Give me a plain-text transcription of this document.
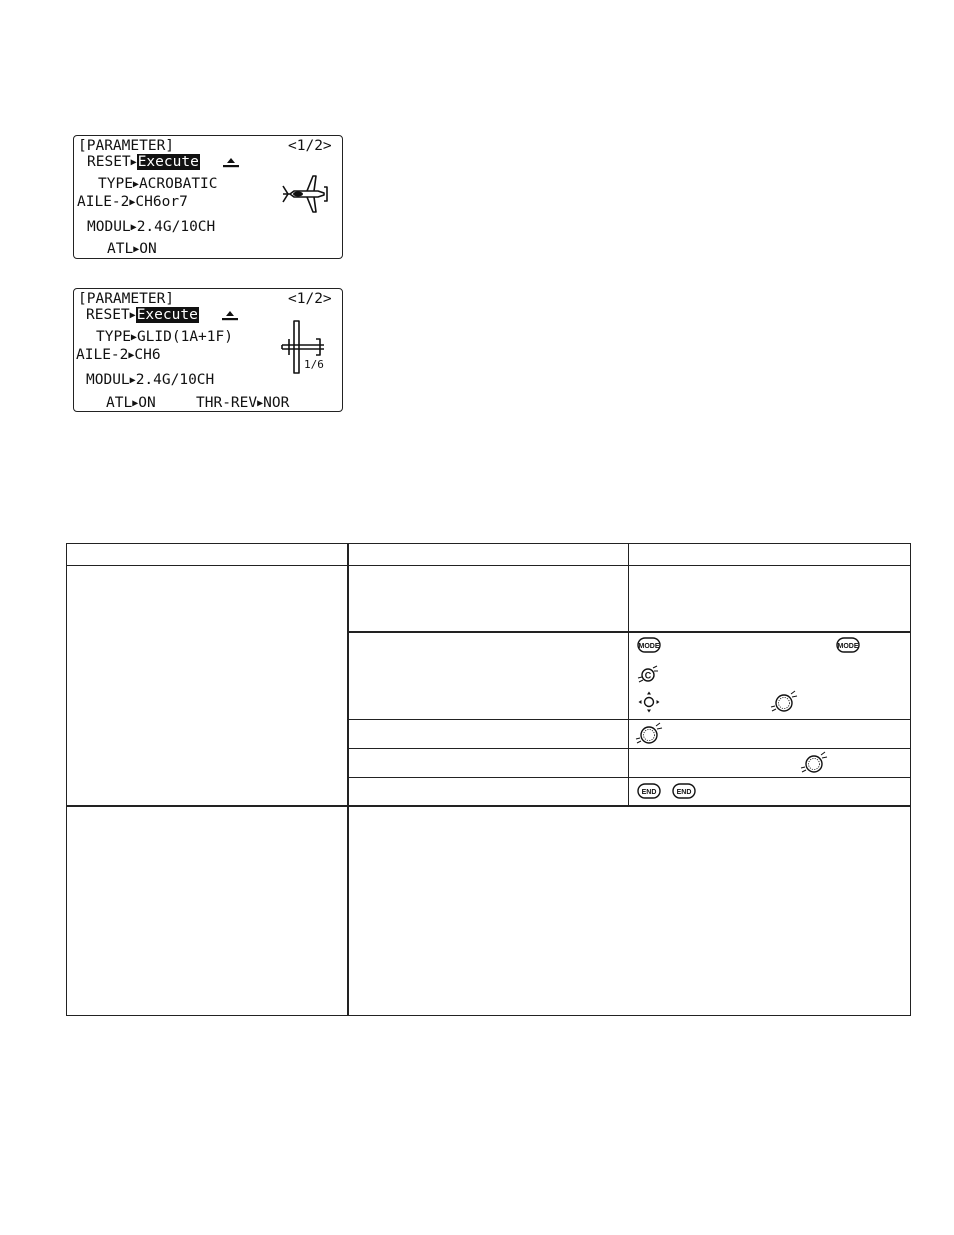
[PARAMETER]	<1/2>
RESET▶Execute
TYPE▶ACROBATIC
AILE-2▶CH6or7
MODUL▶2.4G/10CH
ATL▶ON
[PARAMETER]	<1/2>
RESET▶Execute
TYPE▶GLID(1A+1F)
AILE-2▶CH6
MODUL▶2.4G/10CH
ATL▶ON	THR-REV▶NOR
1/6
MODE	MODE
C
END	END
